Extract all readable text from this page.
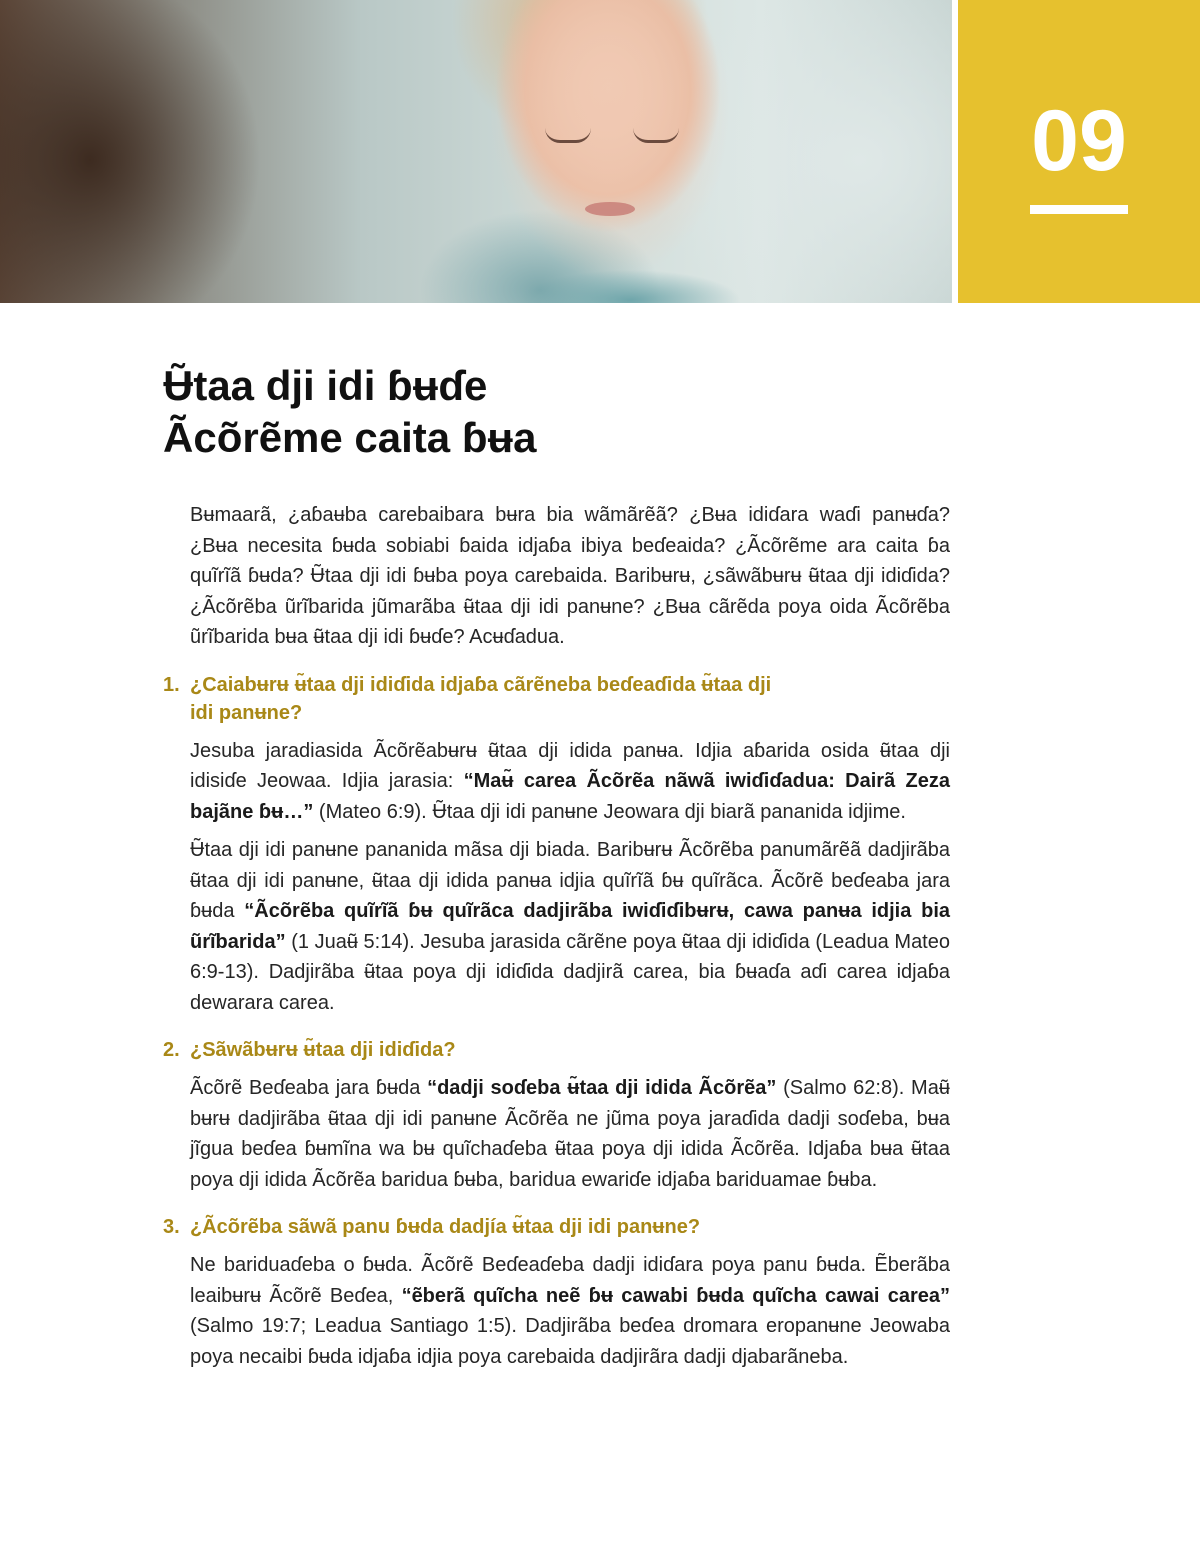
09
Ʉ̃taa dji idi ɓʉɗe
Ãcõrẽme caita ɓʉa

Bʉmaarã, ¿aɓaʉba carebaibara bʉra bia wãmãrẽã? ¿Bʉa idiɗara waɗi panʉɗa? ¿Bʉa necesita ɓʉda sobiabi ɓaida idjaɓa ibiya beɗeaida? ¿Ãcõrẽme ara caita ɓa quĩrĩã ɓʉda? Ʉ̃taa dji idi ɓʉba poya carebaida. Baribʉrʉ, ¿sãwãbʉrʉ ʉ̃taa dji idiɗida? ¿Ãcõrẽba ũrĩbarida jũmarãba ʉ̃taa dji idi panʉne? ¿Bʉa cãrẽda poya oida Ãcõrẽba ũrĩbarida bʉa ʉ̃taa dji idi ɓʉɗe? Acʉɗadua.

1. ¿Caiabʉrʉ ʉ̃taa dji idiɗida idjaɓa cãrẽneba beɗeaɗida ʉ̃taa dji idi panʉne?

Jesuba jaradiasida Ãcõrẽabʉrʉ ʉ̃taa dji idida panʉa. Idjia aɓarida osida ʉ̃taa dji idisiɗe Jeowaa. Idjia jarasia: “Maʉ̃ carea Ãcõrẽa nãwã iwiɗiɗadua: Dairã Zeza bajãne ɓʉ…” (Mateo 6:9). Ʉ̃taa dji idi panʉne Jeowara dji biarã pananida idjime.

Ʉ̃taa dji idi panʉne pananida mãsa dji biada. Baribʉrʉ Ãcõrẽba panumãrẽã dadjirãba ʉ̃taa dji idi panʉne, ʉ̃taa dji idida panʉa idjia quĩrĩã ɓʉ quĩrãca. Ãcõrẽ beɗeaba jara ɓʉda “Ãcõrẽba quĩrĩã ɓʉ quĩrãca dadjirãba iwiɗiɗibʉrʉ, cawa panʉa idjia bia ũrĩbarida” (1 Juaʉ̃ 5:14). Jesuba jarasida cãrẽne poya ʉ̃taa dji idiɗida (Leadua Mateo 6:9-13). Dadjirãba ʉ̃taa poya dji idiɗida dadjirã carea, bia ɓʉaɗa aɗi carea idjaɓa dewarara carea.

2. ¿Sãwãbʉrʉ ʉ̃taa dji idiɗida?

Ãcõrẽ Beɗeaba jara ɓʉda “dadji soɗeba ʉ̃taa dji idida Ãcõrẽa” (Salmo 62:8). Maʉ̃ bʉrʉ dadjirãba ʉ̃taa dji idi panʉne Ãcõrẽa ne jũma poya jaraɗida dadji soɗeba, bʉa jĩgua beɗea ɓʉmĩna wa bʉ quĩchaɗeba ʉ̃taa poya dji idida Ãcõrẽa. Idjaɓa bʉa ʉ̃taa poya dji idida Ãcõrẽa baridua ɓʉba, baridua ewariɗe idjaɓa bariduamae ɓʉba.

3. ¿Ãcõrẽba sãwã panu ɓʉda dadjía ʉ̃taa dji idi panʉne?

Ne bariduaɗeba o ɓʉda. Ãcõrẽ Beɗeaɗeba dadji idiɗara poya panu ɓʉda. Ẽberãba leaibʉrʉ Ãcõrẽ Beɗea, “ẽberã quĩcha neẽ ɓʉ cawabi ɓʉda quĩcha cawai carea” (Salmo 19:7; Leadua Santiago 1:5). Dadjirãba beɗea dromara eropanʉne Jeowaba poya necaibi ɓʉda idjaɓa idjia poya carebaida dadjirãra dadji djabarãneba.
